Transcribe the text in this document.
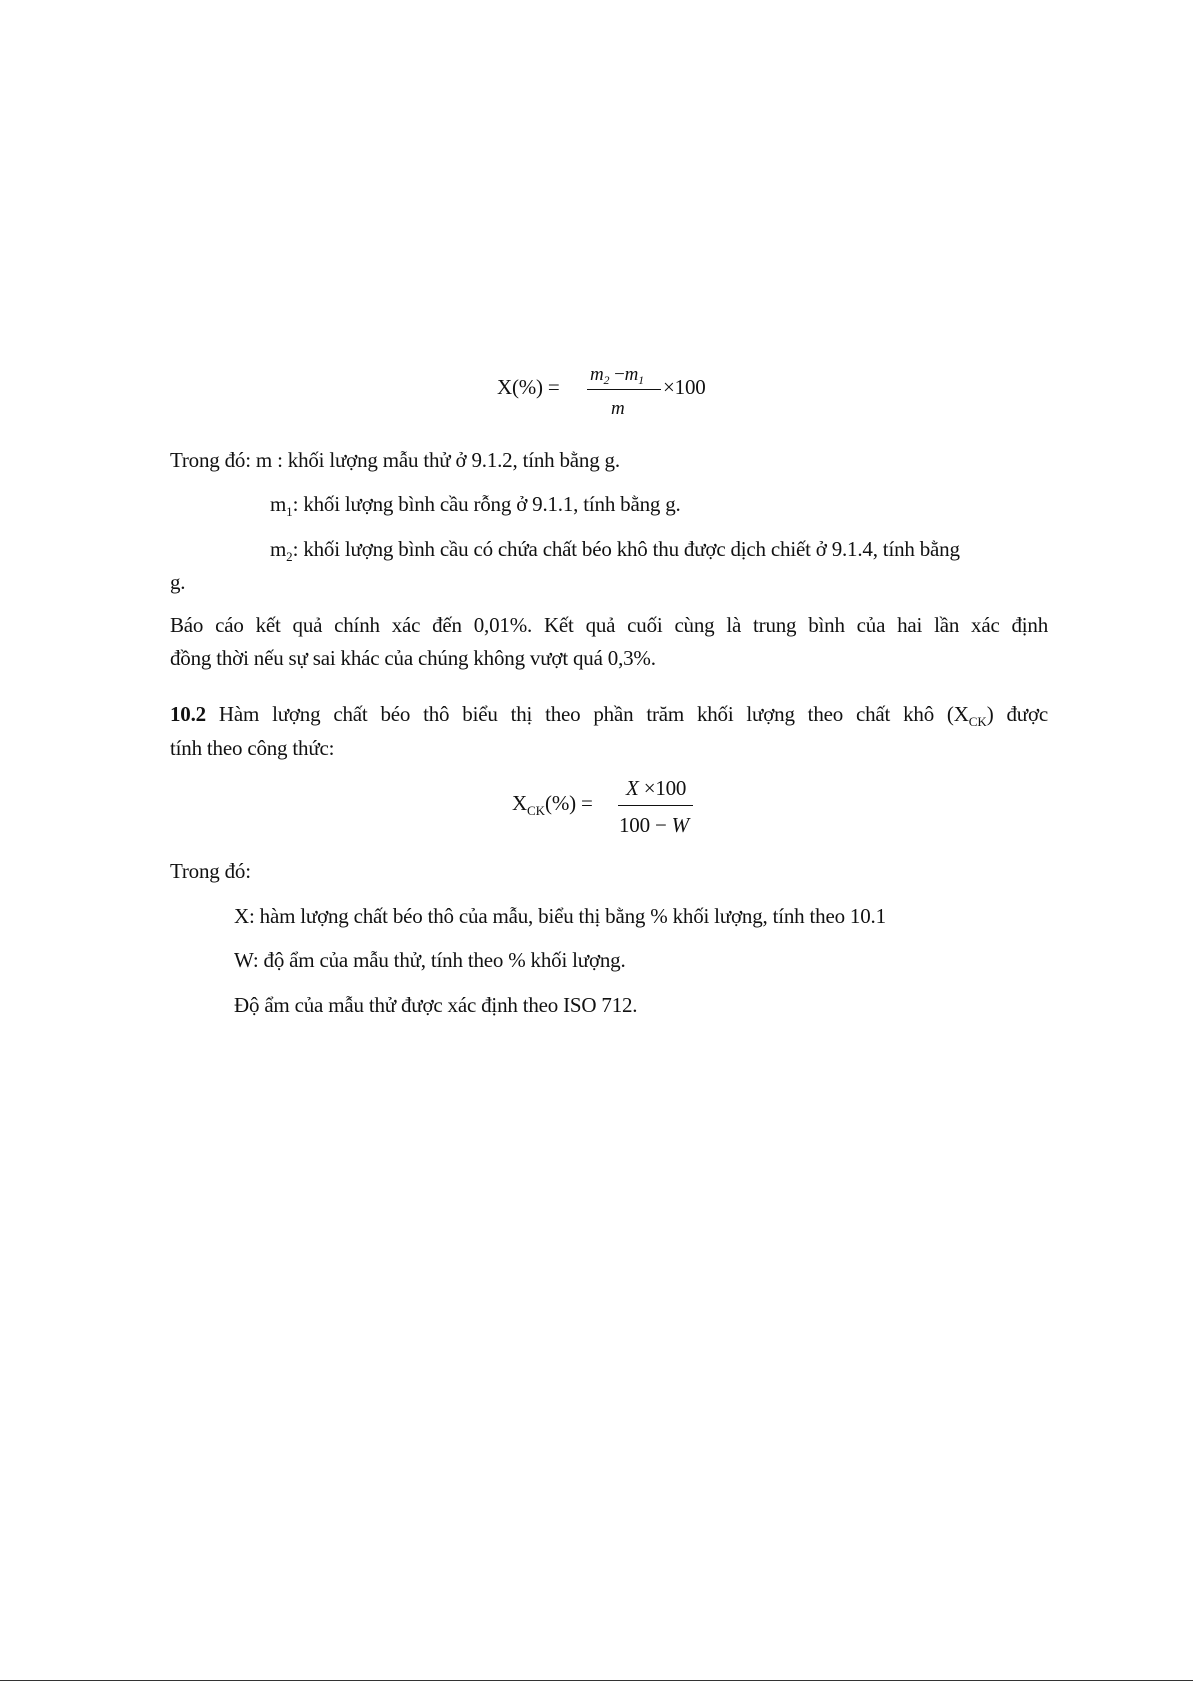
X(%) =
$m_2 -m_1$
m
×100
Trong đó: m : khối lượng mẫu thử ở 9.1.2, tính bằng g.
$m_1$: khối lượng bình cầu rỗng ở 9.1.1, tính bằng g.
$m_2$: khối lượng bình cầu có chứa chất béo khô thu được dịch chiết ở 9.1.4, tính bằng
g.
Báo cáo kết quả chính xác đến 0,01%. Kết quả cuối cùng là trung bình của hai lần xác định
đồng thời nếu sự sai khác của chúng không vượt quá 0,3%.
10.2 Hàm lượng chất béo thô biểu thị theo phần trăm khối lượng theo chất khô $(X_{CK})$ được
tính theo công thức:
$X_{CK}(\%)$ =
X ×100
100 − W
Trong đó:
X: hàm lượng chất béo thô của mẫu, biểu thị bằng % khối lượng, tính theo 10.1
W: độ ẩm của mẫu thử, tính theo % khối lượng.
Độ ẩm của mẫu thử được xác định theo ISO 712.
